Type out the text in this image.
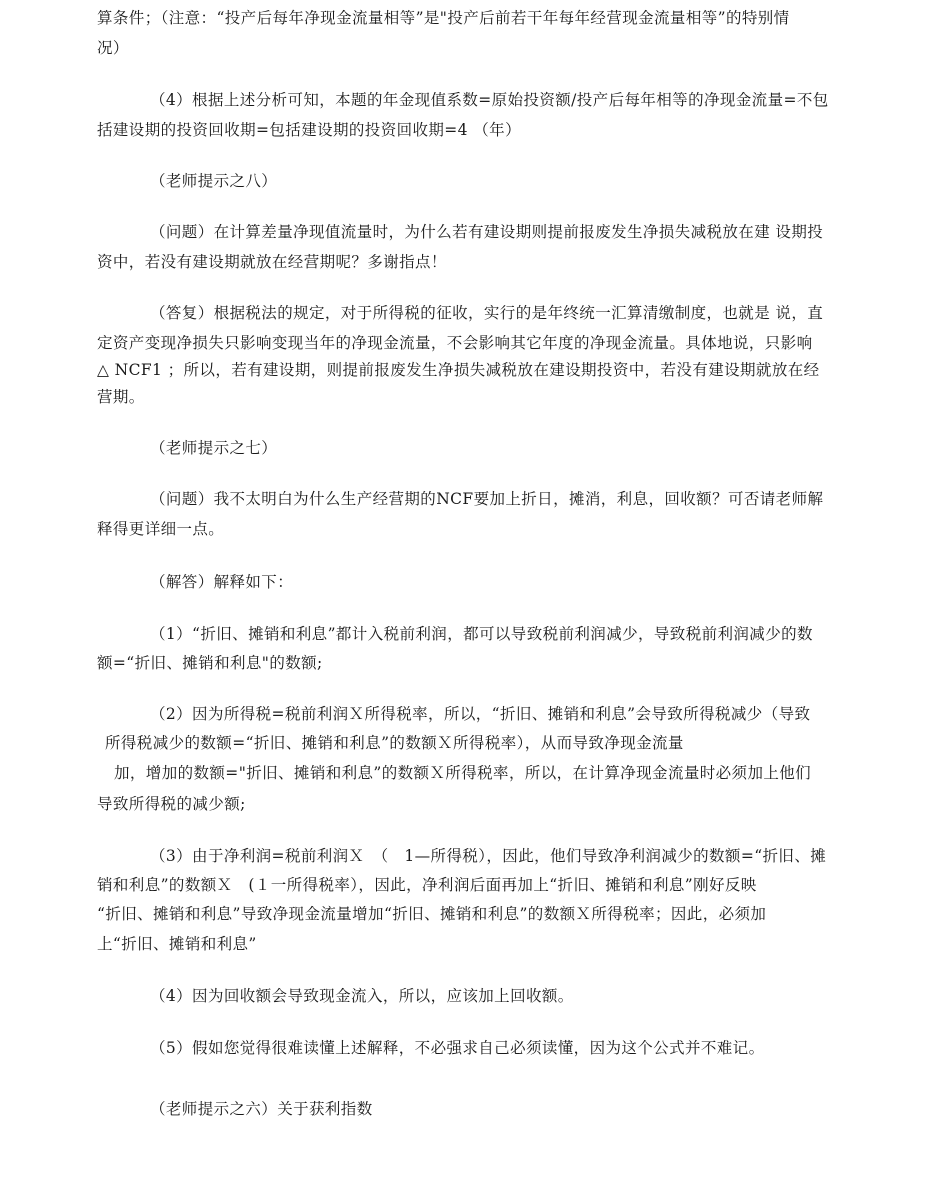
算条件；（注意：“投产后每年净现金流量相等”是"投产后前若干年每年经营现金流量相等”的特别情
况）
（4）根据上述分析可知，本题的年金现值系数=原始投资额/投产后每年相等的净现金流量=不包
括建设期的投资回收期=包括建设期的投资回收期=4 （年）
（老师提示之八）
（问题）在计算差量净现值流量时，为什么若有建设期则提前报废发生净损失减税放在建 设期投
资中，若没有建设期就放在经营期呢？多谢指点！
（答复）根据税法的规定，对于所得税的征收，实行的是年终统一汇算清缴制度，也就是 说，直
定资产变现净损失只影响变现当年的净现金流量，不会影响其它年度的净现金流量。具体地说，只影响
△ NCF1 ；所以，若有建设期，则提前报废发生净损失减税放在建设期投资中，若没有建设期就放在经
营期。
（老师提示之七）
（问题）我不太明白为什么生产经营期的NCF要加上折日，摊消，利息，回收额？可否请老师解
释得更详细一点。
（解答）解释如下：
（1）“折旧、摊销和利息”都计入税前利润，都可以导致税前利润减少，导致税前利润减少的数
额=“折旧、摊销和利息"的数额;
（2）因为所得税=税前利润Ｘ所得税率，所以，“折旧、摊销和利息”会导致所得税减少（导致
所得税减少的数额=“折旧、摊销和利息”的数额Ｘ所得税率），从而导致净现金流量
加，增加的数额="折旧、摊销和利息”的数额Ｘ所得税率，所以，在计算净现金流量时必须加上他们
导致所得税的减少额;
（3）由于净利润=税前利润Ｘ　（　1—所得税），因此，他们导致净利润减少的数额=“折旧、摊
销和利息”的数额Ｘ　(１一所得税率），因此，净利润后面再加上“折旧、摊销和利息”刚好反映
“折旧、摊销和利息”导致净现金流量增加“折旧、摊销和利息”的数额Ｘ所得税率；因此，必须加
上“折旧、摊销和利息”
（4）因为回收额会导致现金流入，所以，应该加上回收额。
（5）假如您觉得很难读懂上述解释，不必强求自己必须读懂，因为这个公式并不难记。
（老师提示之六）关于获利指数
